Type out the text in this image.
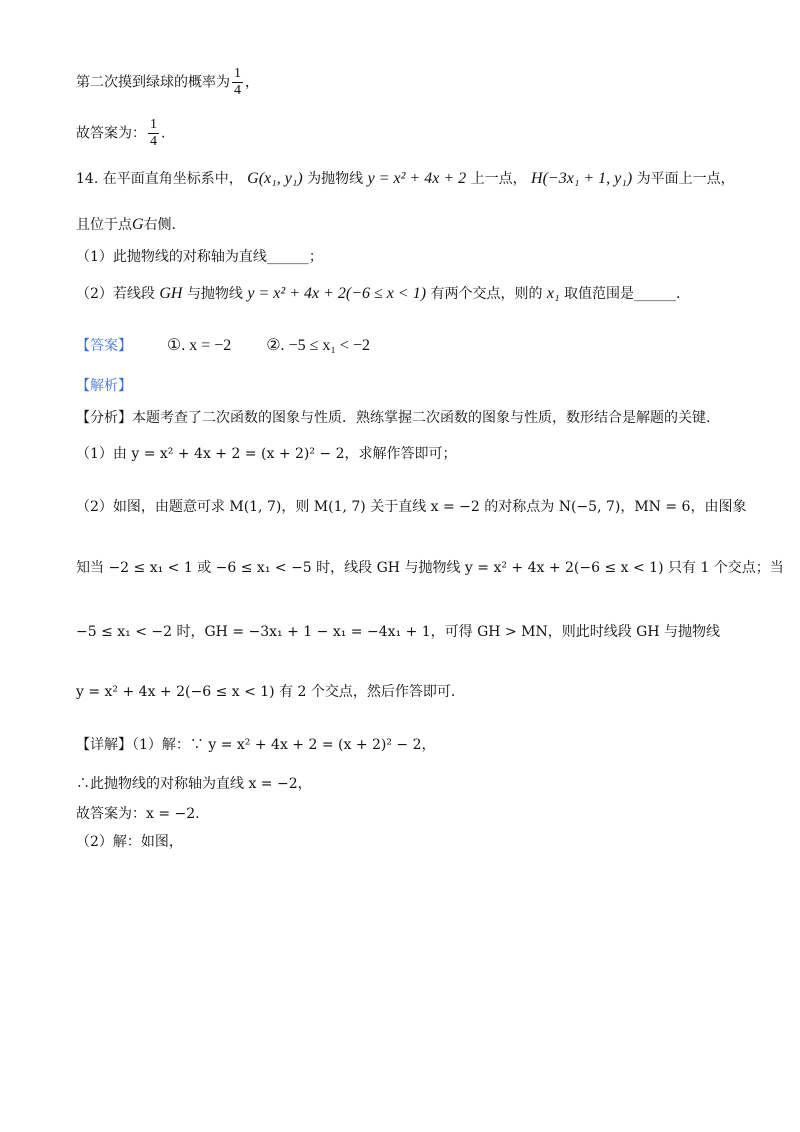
第二次摸到绿球的概率为 $\frac{1}{4}$ ，
故答案为： $\frac{1}{4}$ .
14. 在平面直角坐标系中， G(x₁, y₁) 为抛物线 y = x² + 4x + 2 上一点， H(−3x₁ + 1, y₁) 为平面上一点，
且位于点G右侧.
（1）此抛物线的对称轴为直线______；
（2）若线段 GH 与抛物线 y = x² + 4x + 2(−6 ≤ x < 1) 有两个交点，则的 x₁ 取值范围是______.
【答案】 ①. x = −2 ②. −5 ≤ x₁ < −2
【解析】
【分析】本题考查了二次函数的图象与性质．熟练掌握二次函数的图象与性质，数形结合是解题的关键.
（1）由 y = x² + 4x + 2 = (x + 2)² − 2，求解作答即可；
（2）如图，由题意可求 M(1, 7)，则 M(1, 7) 关于直线 x = −2 的对称点为 N(−5, 7)，MN = 6，由图象
知当 −2 ≤ x₁ < 1 或 −6 ≤ x₁ < −5 时，线段 GH 与抛物线 y = x² + 4x + 2(−6 ≤ x < 1) 只有 1 个交点；当
−5 ≤ x₁ < −2 时，GH = −3x₁ + 1 − x₁ = −4x₁ + 1，可得 GH > MN，则此时线段 GH 与抛物线
y = x² + 4x + 2(−6 ≤ x < 1) 有 2 个交点，然后作答即可.
【详解】（1）解：∵ y = x² + 4x + 2 = (x + 2)² − 2，
∴此抛物线的对称轴为直线 x = −2，
故答案为：x = −2.
（2）解：如图，
